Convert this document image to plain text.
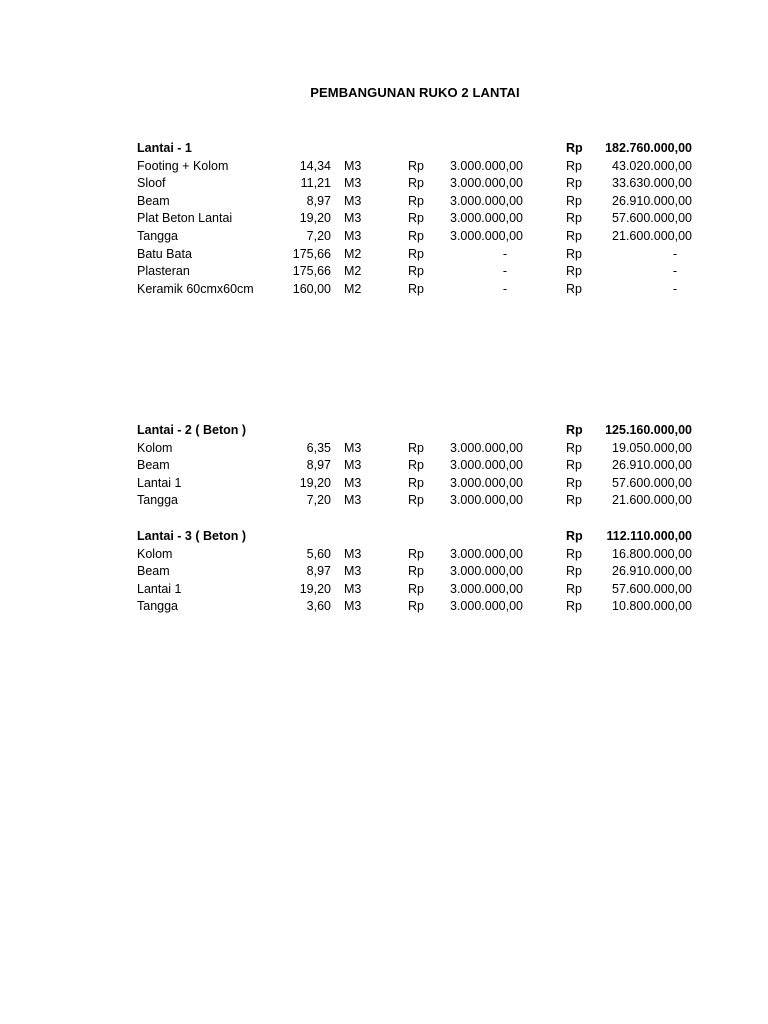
PEMBANGUNAN RUKO 2 LANTAI
Lantai - 1	Rp 182.760.000,00
Footing + Kolom	14,34 M3	Rp 3.000.000,00	Rp 43.020.000,00
Sloof	11,21 M3	Rp 3.000.000,00	Rp 33.630.000,00
Beam	8,97 M3	Rp 3.000.000,00	Rp 26.910.000,00
Plat Beton Lantai	19,20 M3	Rp 3.000.000,00	Rp 57.600.000,00
Tangga	7,20 M3	Rp 3.000.000,00	Rp 21.600.000,00
Batu Bata	175,66 M2	Rp	-	Rp	-
Plasteran	175,66 M2	Rp	-	Rp	-
Keramik 60cmx60cm	160,00 M2	Rp	-	Rp	-
Lantai - 2 ( Beton )	Rp 125.160.000,00
Kolom	6,35 M3	Rp 3.000.000,00	Rp 19.050.000,00
Beam	8,97 M3	Rp 3.000.000,00	Rp 26.910.000,00
Lantai 1	19,20 M3	Rp 3.000.000,00	Rp 57.600.000,00
Tangga	7,20 M3	Rp 3.000.000,00	Rp 21.600.000,00
Lantai - 3 ( Beton )	Rp 112.110.000,00
Kolom	5,60 M3	Rp 3.000.000,00	Rp 16.800.000,00
Beam	8,97 M3	Rp 3.000.000,00	Rp 26.910.000,00
Lantai 1	19,20 M3	Rp 3.000.000,00	Rp 57.600.000,00
Tangga	3,60 M3	Rp 3.000.000,00	Rp 10.800.000,00
